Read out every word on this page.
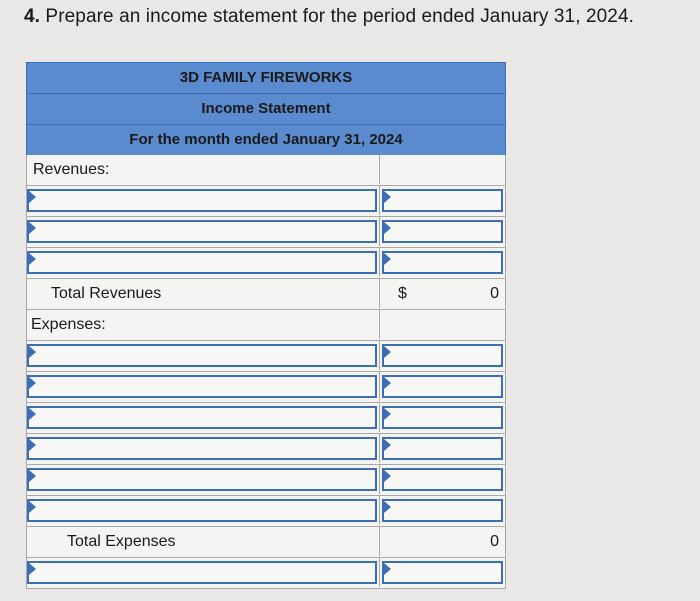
4. Prepare an income statement for the period ended January 31, 2024.
3D FAMILY FIREWORKS
Income Statement
For the month ended January 31, 2024
Revenues:
Total Revenues	$	0
Expenses:
Total Expenses	0
